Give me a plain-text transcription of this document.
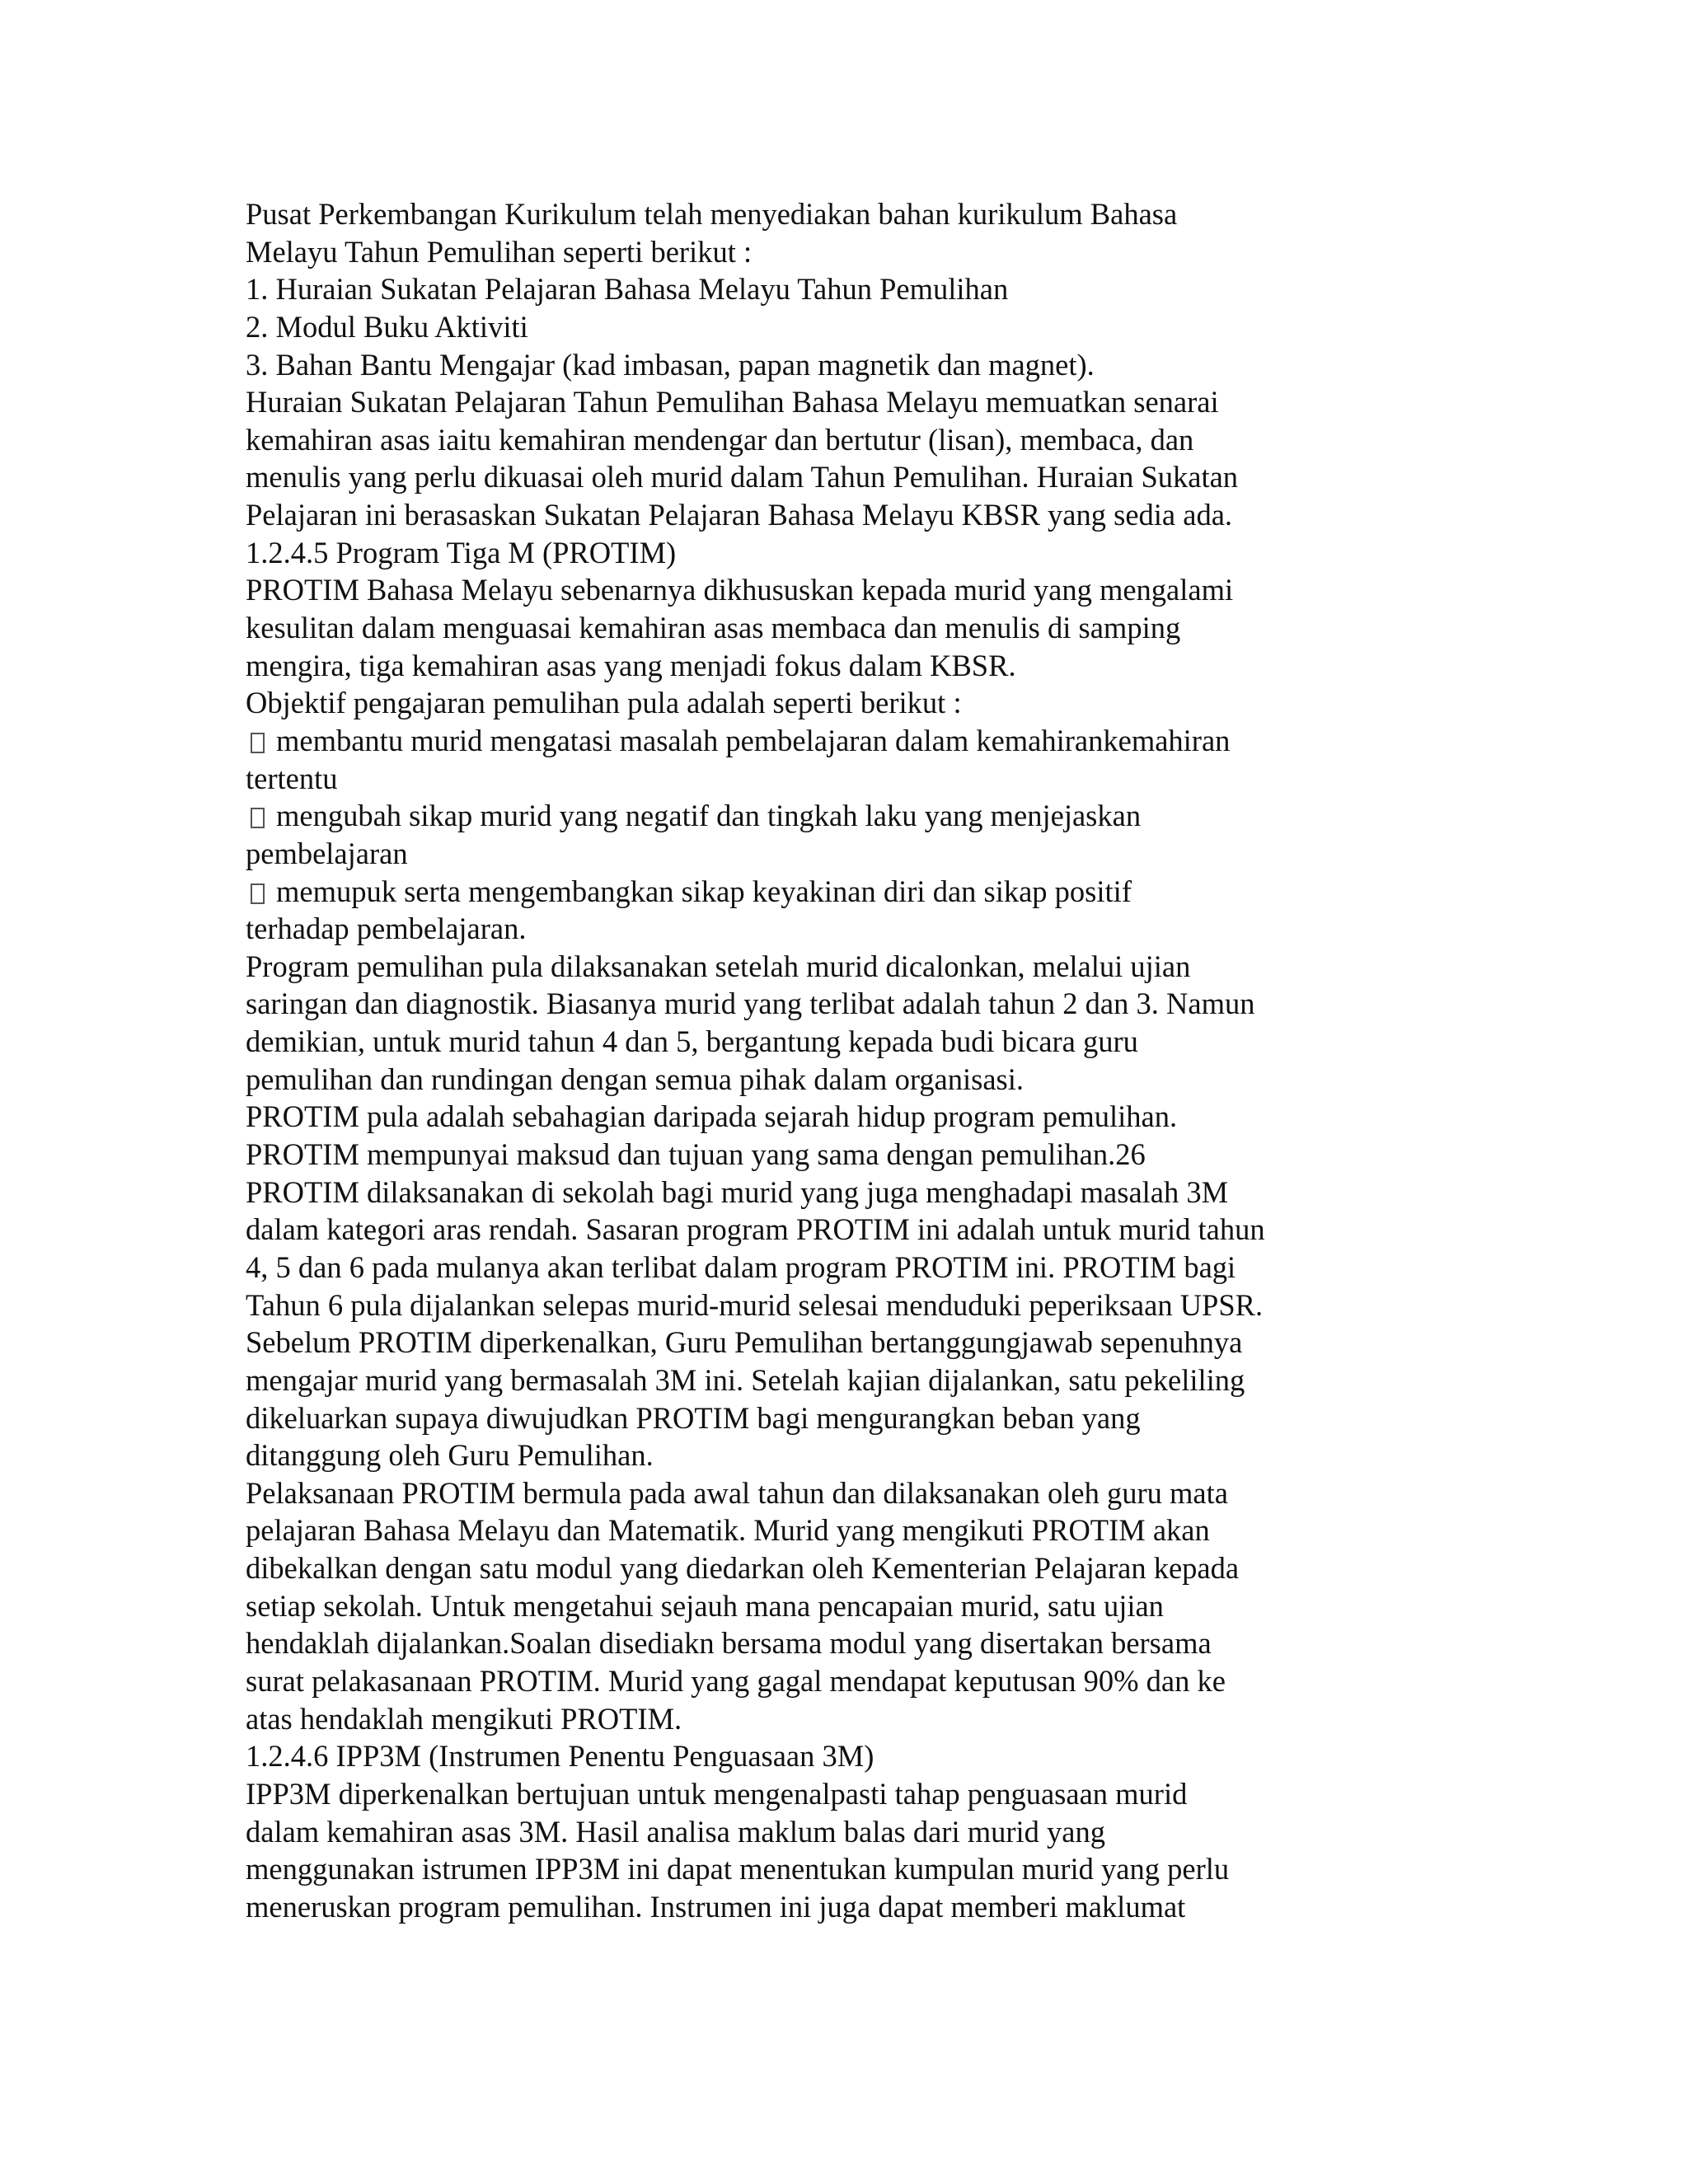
Pusat Perkembangan Kurikulum telah menyediakan bahan kurikulum Bahasa
Melayu Tahun Pemulihan seperti berikut :
1. Huraian Sukatan Pelajaran Bahasa Melayu Tahun Pemulihan
2. Modul Buku Aktiviti
3. Bahan Bantu Mengajar (kad imbasan, papan magnetik dan magnet).
Huraian Sukatan Pelajaran Tahun Pemulihan Bahasa Melayu memuatkan senarai
kemahiran asas iaitu kemahiran mendengar dan bertutur (lisan), membaca, dan
menulis yang perlu dikuasai oleh murid dalam Tahun Pemulihan. Huraian Sukatan
Pelajaran ini berasaskan Sukatan Pelajaran Bahasa Melayu KBSR yang sedia ada.
1.2.4.5 Program Tiga M (PROTIM)
PROTIM Bahasa Melayu sebenarnya dikhususkan kepada murid yang mengalami
kesulitan dalam menguasai kemahiran asas membaca dan menulis di samping
mengira, tiga kemahiran asas yang menjadi fokus dalam KBSR.
Objektif pengajaran pemulihan pula adalah seperti berikut :
membantu murid mengatasi masalah pembelajaran dalam kemahirankemahiran
tertentu
mengubah sikap murid yang negatif dan tingkah laku yang menjejaskan
pembelajaran
memupuk serta mengembangkan sikap keyakinan diri dan sikap positif
terhadap pembelajaran.
Program pemulihan pula dilaksanakan setelah murid dicalonkan, melalui ujian
saringan dan diagnostik. Biasanya murid yang terlibat adalah tahun 2 dan 3. Namun
demikian, untuk murid tahun 4 dan 5, bergantung kepada budi bicara guru
pemulihan dan rundingan dengan semua pihak dalam organisasi.
PROTIM pula adalah sebahagian daripada sejarah hidup program pemulihan.
PROTIM mempunyai maksud dan tujuan yang sama dengan pemulihan.26
PROTIM dilaksanakan di sekolah bagi murid yang juga menghadapi masalah 3M
dalam kategori aras rendah. Sasaran program PROTIM ini adalah untuk murid tahun
4, 5 dan 6 pada mulanya akan terlibat dalam program PROTIM ini. PROTIM bagi
Tahun 6 pula dijalankan selepas murid-murid selesai menduduki peperiksaan UPSR.
Sebelum PROTIM diperkenalkan, Guru Pemulihan bertanggungjawab sepenuhnya
mengajar murid yang bermasalah 3M ini. Setelah kajian dijalankan, satu pekeliling
dikeluarkan supaya diwujudkan PROTIM bagi mengurangkan beban yang
ditanggung oleh Guru Pemulihan.
Pelaksanaan PROTIM bermula pada awal tahun dan dilaksanakan oleh guru mata
pelajaran Bahasa Melayu dan Matematik. Murid yang mengikuti PROTIM akan
dibekalkan dengan satu modul yang diedarkan oleh Kementerian Pelajaran kepada
setiap sekolah. Untuk mengetahui sejauh mana pencapaian murid, satu ujian
hendaklah dijalankan.Soalan disediakn bersama modul yang disertakan bersama
surat pelakasanaan PROTIM. Murid yang gagal mendapat keputusan 90% dan ke
atas hendaklah mengikuti PROTIM.
1.2.4.6 IPP3M (Instrumen Penentu Penguasaan 3M)
IPP3M diperkenalkan bertujuan untuk mengenalpasti tahap penguasaan murid
dalam kemahiran asas 3M. Hasil analisa maklum balas dari murid yang
menggunakan istrumen IPP3M ini dapat menentukan kumpulan murid yang perlu
meneruskan program pemulihan. Instrumen ini juga dapat memberi maklumat
